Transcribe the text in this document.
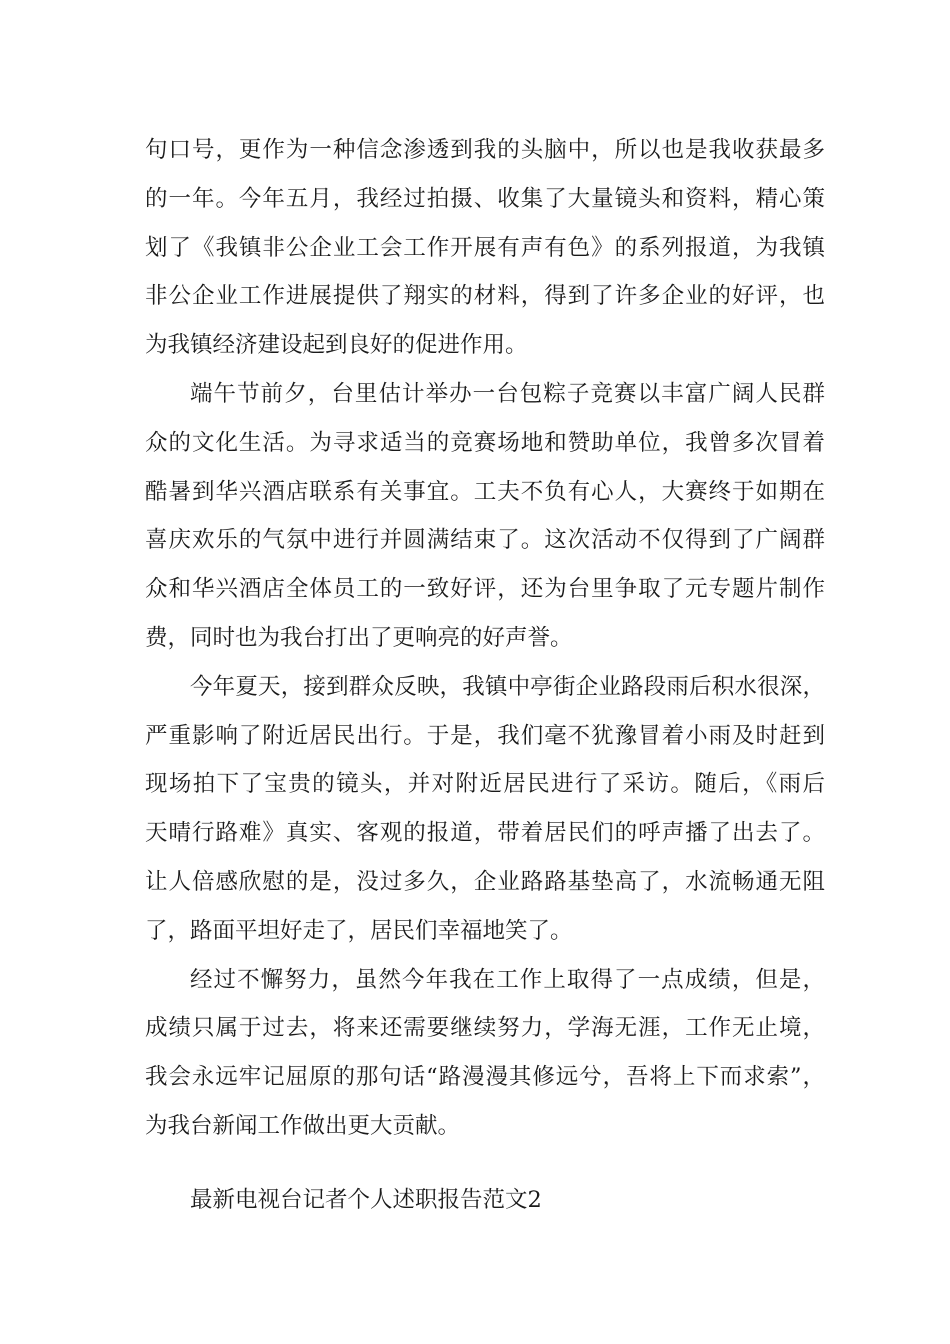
句口号，更作为一种信念渗透到我的头脑中，所以也是我收获最多
的一年。今年五月，我经过拍摄、收集了大量镜头和资料，精心策
划了《我镇非公企业工会工作开展有声有色》的系列报道，为我镇
非公企业工作进展提供了翔实的材料，得到了许多企业的好评，也
为我镇经济建设起到良好的促进作用。
端午节前夕，台里估计举办一台包粽子竞赛以丰富广阔人民群
众的文化生活。为寻求适当的竞赛场地和赞助单位，我曾多次冒着
酷暑到华兴酒店联系有关事宜。工夫不负有心人，大赛终于如期在
喜庆欢乐的气氛中进行并圆满结束了。这次活动不仅得到了广阔群
众和华兴酒店全体员工的一致好评，还为台里争取了元专题片制作
费，同时也为我台打出了更响亮的好声誉。
今年夏天，接到群众反映，我镇中亭街企业路段雨后积水很深，
严重影响了附近居民出行。于是，我们毫不犹豫冒着小雨及时赶到
现场拍下了宝贵的镜头，并对附近居民进行了采访。随后，《雨后
天晴行路难》真实、客观的报道，带着居民们的呼声播了出去了。
让人倍感欣慰的是，没过多久，企业路路基垫高了，水流畅通无阻
了，路面平坦好走了，居民们幸福地笑了。
经过不懈努力，虽然今年我在工作上取得了一点成绩，但是，
成绩只属于过去，将来还需要继续努力，学海无涯，工作无止境，
我会永远牢记屈原的那句话“路漫漫其修远兮，吾将上下而求索”，
为我台新闻工作做出更大贡献。
最新电视台记者个人述职报告范文2
